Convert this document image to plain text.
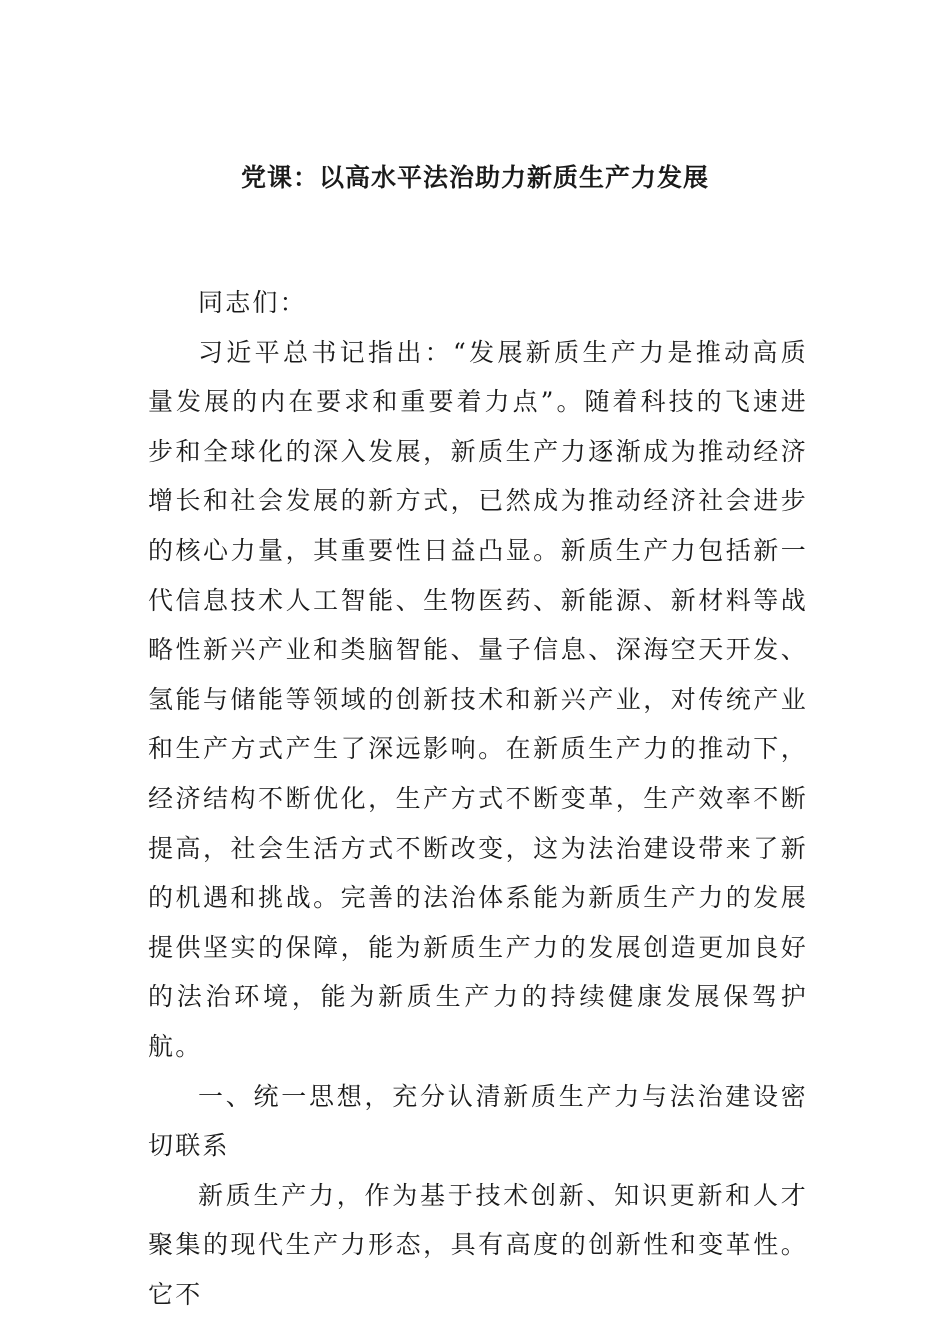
党课：以高水平法治助力新质生产力发展

同志们：

习近平总书记指出：“发展新质生产力是推动高质量发展的内在要求和重要着力点”。随着科技的飞速进步和全球化的深入发展，新质生产力逐渐成为推动经济增长和社会发展的新方式，已然成为推动经济社会进步的核心力量，其重要性日益凸显。新质生产力包括新一代信息技术人工智能、生物医药、新能源、新材料等战略性新兴产业和类脑智能、量子信息、深海空天开发、氢能与储能等领域的创新技术和新兴产业，对传统产业和生产方式产生了深远影响。在新质生产力的推动下，经济结构不断优化，生产方式不断变革，生产效率不断提高，社会生活方式不断改变，这为法治建设带来了新的机遇和挑战。完善的法治体系能为新质生产力的发展提供坚实的保障，能为新质生产力的发展创造更加良好的法治环境，能为新质生产力的持续健康发展保驾护航。

一、统一思想，充分认清新质生产力与法治建设密切联系

新质生产力，作为基于技术创新、知识更新和人才聚集的现代生产力形态，具有高度的创新性和变革性。它不
